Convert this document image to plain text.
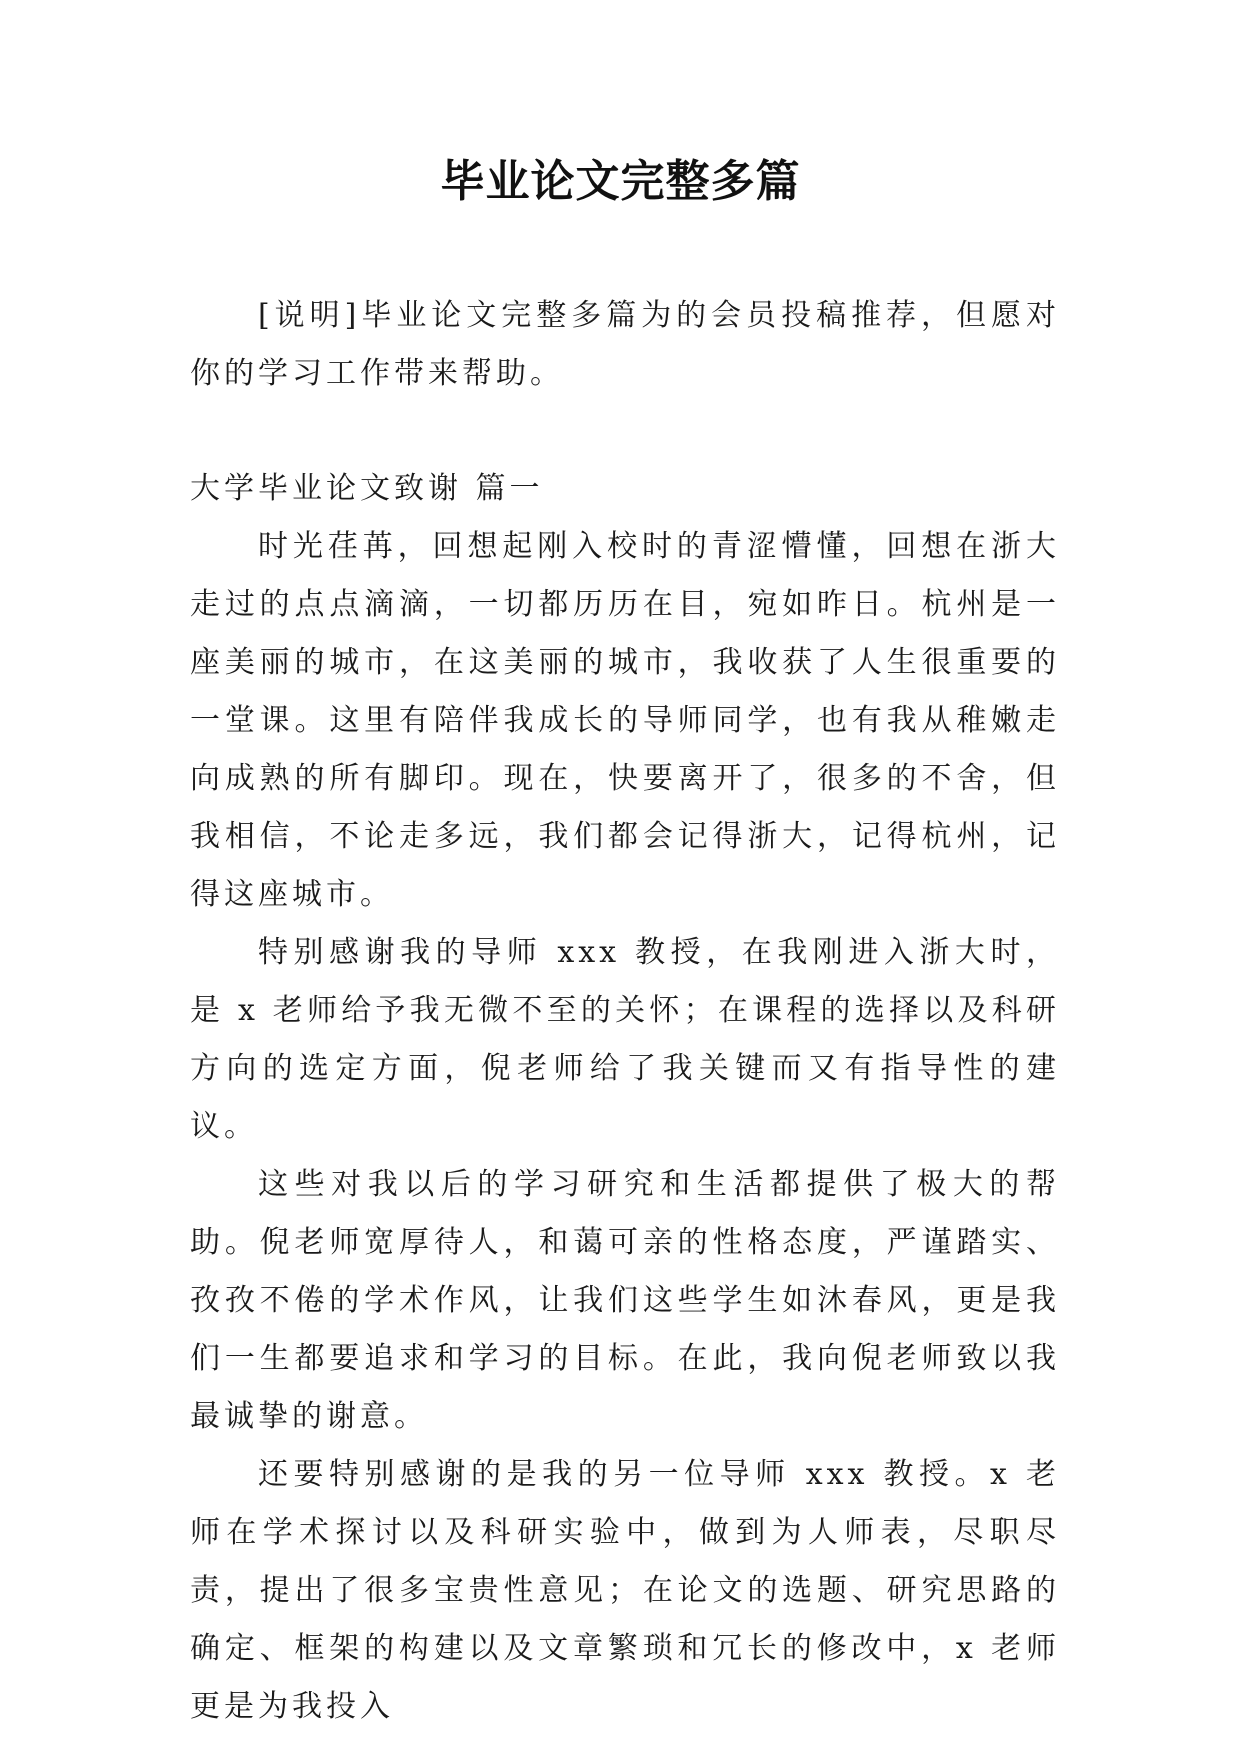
毕业论文完整多篇

[说明]毕业论文完整多篇为的会员投稿推荐，但愿对你的学习工作带来帮助。

大学毕业论文致谢 篇一

时光荏苒，回想起刚入校时的青涩懵懂，回想在浙大走过的点点滴滴，一切都历历在目，宛如昨日。杭州是一座美丽的城市，在这美丽的城市，我收获了人生很重要的一堂课。这里有陪伴我成长的导师同学，也有我从稚嫩走向成熟的所有脚印。现在，快要离开了，很多的不舍，但我相信，不论走多远，我们都会记得浙大，记得杭州，记得这座城市。

特别感谢我的导师 xxx 教授，在我刚进入浙大时，是 x 老师给予我无微不至的关怀；在课程的选择以及科研方向的选定方面，倪老师给了我关键而又有指导性的建议。

这些对我以后的学习研究和生活都提供了极大的帮助。倪老师宽厚待人，和蔼可亲的性格态度，严谨踏实、孜孜不倦的学术作风，让我们这些学生如沐春风，更是我们一生都要追求和学习的目标。在此，我向倪老师致以我最诚挚的谢意。

还要特别感谢的是我的另一位导师 xxx 教授。x 老师在学术探讨以及科研实验中，做到为人师表，尽职尽责，提出了很多宝贵性意见；在论文的选题、研究思路的确定、框架的构建以及文章繁琐和冗长的修改中，x 老师更是为我投入
